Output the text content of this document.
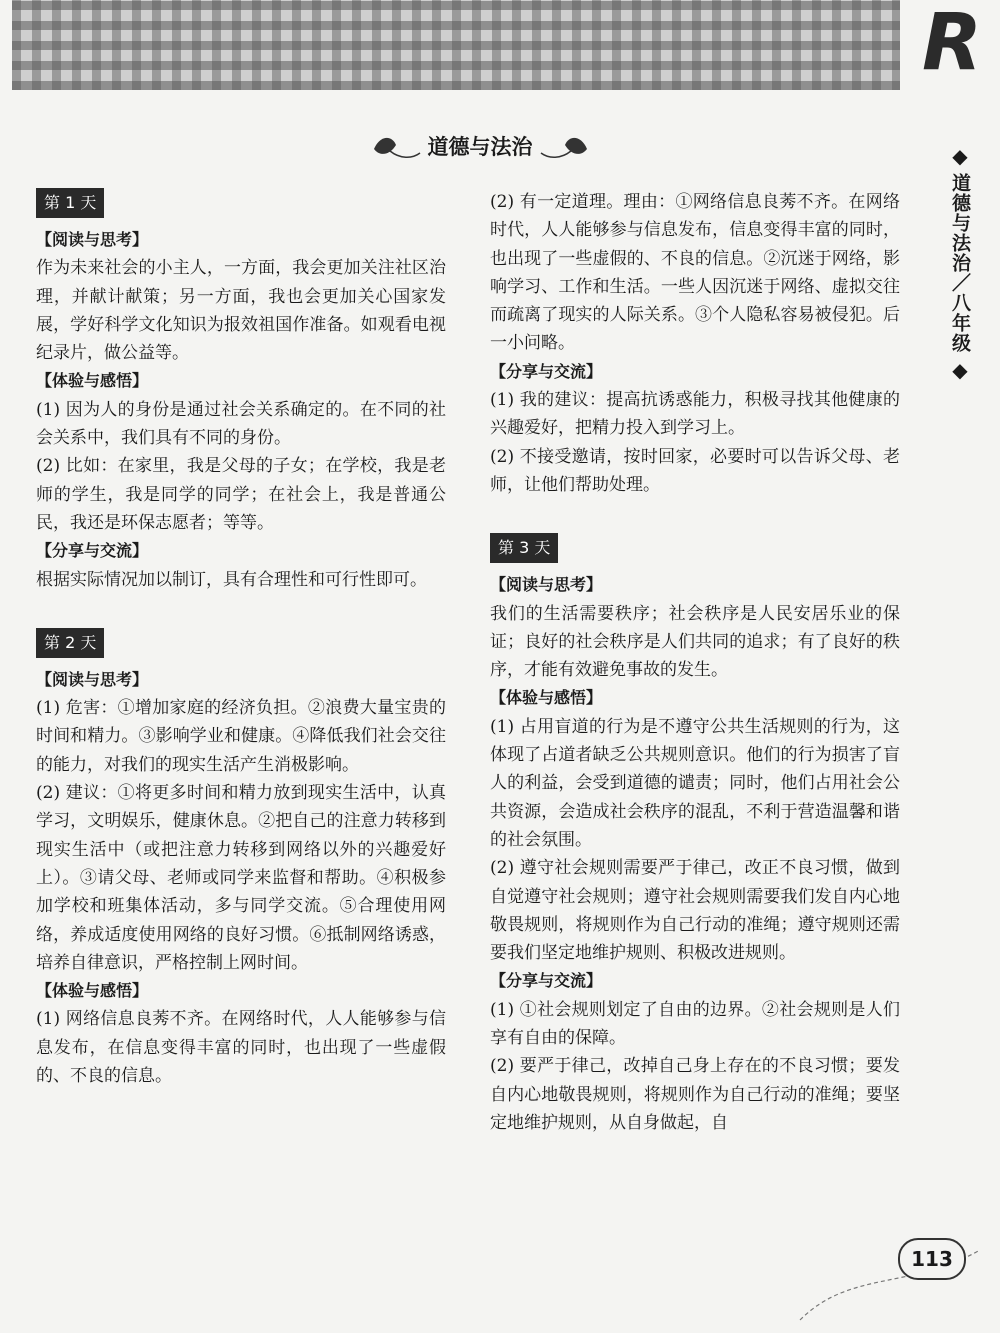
R
道德与法治	◆
道德与法治／八年级
◆
第 1 天

【阅读与思考】

作为未来社会的小主人，一方面，我会更加关注社区治理，并献计献策；另一方面，我也会更加关心国家发展，学好科学文化知识为报效祖国作准备。如观看电视纪录片，做公益等。

【体验与感悟】

(1) 因为人的身份是通过社会关系确定的。在不同的社会关系中，我们具有不同的身份。

(2) 比如：在家里，我是父母的子女；在学校，我是老师的学生，我是同学的同学；在社会上，我是普通公民，我还是环保志愿者；等等。

【分享与交流】

根据实际情况加以制订，具有合理性和可行性即可。

第 2 天

【阅读与思考】

(1) 危害：①增加家庭的经济负担。②浪费大量宝贵的时间和精力。③影响学业和健康。④降低我们社会交往的能力，对我们的现实生活产生消极影响。

(2) 建议：①将更多时间和精力放到现实生活中，认真学习，文明娱乐，健康休息。②把自己的注意力转移到现实生活中（或把注意力转移到网络以外的兴趣爱好上）。③请父母、老师或同学来监督和帮助。④积极参加学校和班集体活动，多与同学交流。⑤合理使用网络，养成适度使用网络的良好习惯。⑥抵制网络诱惑，培养自律意识，严格控制上网时间。

【体验与感悟】

(1) 网络信息良莠不齐。在网络时代，人人能够参与信息发布，在信息变得丰富的同时，也出现了一些虚假的、不良的信息。

(2) 有一定道理。理由：①网络信息良莠不齐。在网络时代，人人能够参与信息发布，信息变得丰富的同时，也出现了一些虚假的、不良的信息。②沉迷于网络，影响学习、工作和生活。一些人因沉迷于网络、虚拟交往而疏离了现实的人际关系。③个人隐私容易被侵犯。后一小问略。

【分享与交流】

(1) 我的建议：提高抗诱惑能力，积极寻找其他健康的兴趣爱好，把精力投入到学习上。

(2) 不接受邀请，按时回家，必要时可以告诉父母、老师，让他们帮助处理。

第 3 天

【阅读与思考】

我们的生活需要秩序；社会秩序是人民安居乐业的保证；良好的社会秩序是人们共同的追求；有了良好的秩序，才能有效避免事故的发生。

【体验与感悟】

(1) 占用盲道的行为是不遵守公共生活规则的行为，这体现了占道者缺乏公共规则意识。他们的行为损害了盲人的利益，会受到道德的谴责；同时，他们占用社会公共资源，会造成社会秩序的混乱，不利于营造温馨和谐的社会氛围。

(2) 遵守社会规则需要严于律己，改正不良习惯，做到自觉遵守社会规则；遵守社会规则需要我们发自内心地敬畏规则，将规则作为自己行动的准绳；遵守规则还需要我们坚定地维护规则、积极改进规则。

【分享与交流】

(1) ①社会规则划定了自由的边界。②社会规则是人们享有自由的保障。

(2) 要严于律己，改掉自己身上存在的不良习惯；要发自内心地敬畏规则，将规则作为自己行动的准绳；要坚定地维护规则，从自身做起，自

113
